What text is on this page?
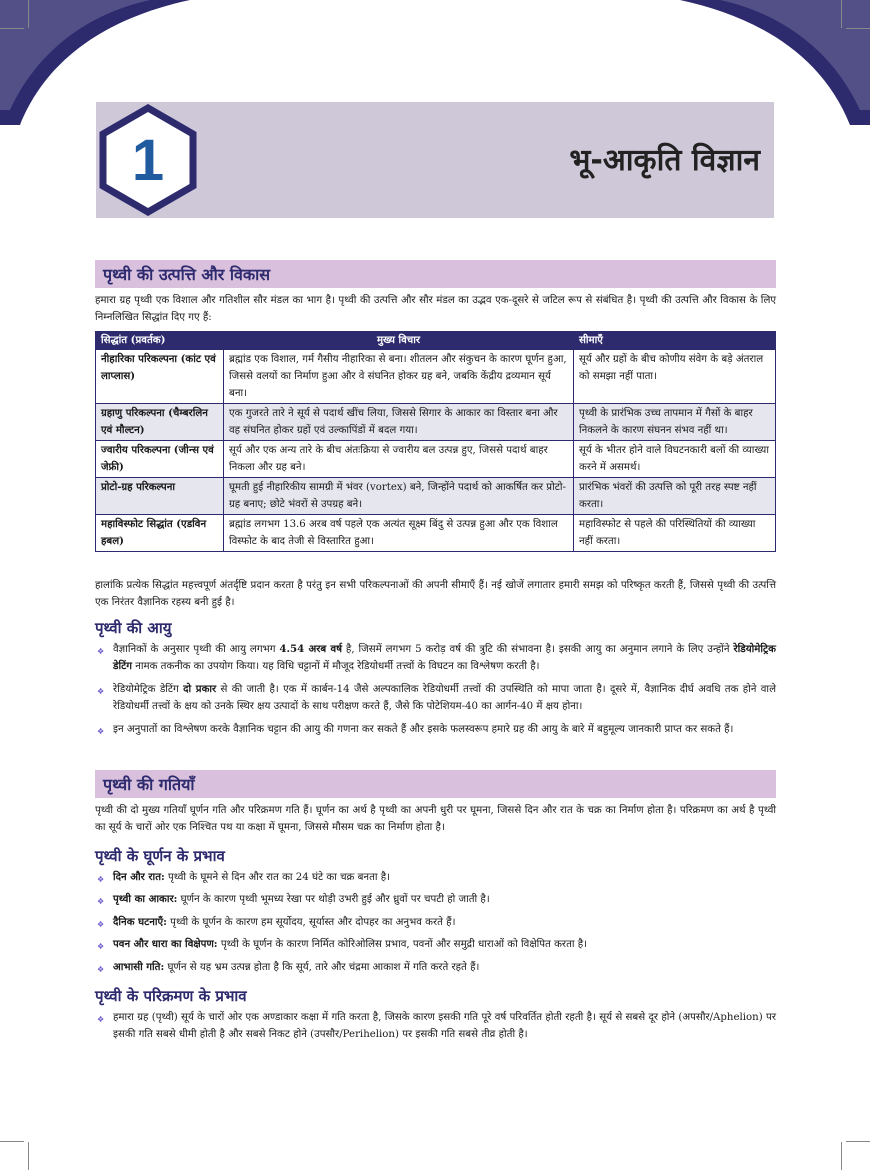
1	भू-आकृति विज्ञान
पृथ्वी की उत्पत्ति और विकास

हमारा ग्रह पृथ्वी एक विशाल और गतिशील सौर मंडल का भाग है। पृथ्वी की उत्पत्ति और सौर मंडल का उद्भव एक-दूसरे से जटिल रूप से संबंधित है। पृथ्वी की उत्पत्ति और विकास के लिए निम्नलिखित सिद्धांत दिए गए हैं:

सिद्धांत (प्रवर्तक)	मुख्य विचार	सीमाएँ
नीहारिका परिकल्पना (कांट एवं लाप्लास)	ब्रह्मांड एक विशाल, गर्म गैसीय नीहारिका से बना। शीतलन और संकुचन के कारण घूर्णन हुआ, जिससे वलयों का निर्माण हुआ और वे संघनित होकर ग्रह बने, जबकि केंद्रीय द्रव्यमान सूर्य बना।	सूर्य और ग्रहों के बीच कोणीय संवेग के बड़े अंतराल को समझा नहीं पाता।
ग्रहाणु परिकल्पना (चैम्बरलिन एवं मौल्टन)	एक गुजरते तारे ने सूर्य से पदार्थ खींच लिया, जिससे सिगार के आकार का विस्तार बना और वह संघनित होकर ग्रहों एवं उल्कापिंडों में बदल गया।	पृथ्वी के प्रारंभिक उच्च तापमान में गैसों के बाहर निकलने के कारण संघनन संभव नहीं था।
ज्वारीय परिकल्पना (जीन्स एवं जेफ्री)	सूर्य और एक अन्य तारे के बीच अंतःक्रिया से ज्वारीय बल उत्पन्न हुए, जिससे पदार्थ बाहर निकला और ग्रह बने।	सूर्य के भीतर होने वाले विघटनकारी बलों की व्याख्या करने में असमर्थ।
प्रोटो-ग्रह परिकल्पना	घूमती हुई नीहारिकीय सामग्री में भंवर (vortex) बने, जिन्होंने पदार्थ को आकर्षित कर प्रोटो-ग्रह बनाए; छोटे भंवरों से उपग्रह बने।	प्रारंभिक भंवरों की उत्पत्ति को पूरी तरह स्पष्ट नहीं करता।
महाविस्फोट सिद्धांत (एडविन हबल)	ब्रह्मांड लगभग 13.6 अरब वर्ष पहले एक अत्यंत सूक्ष्म बिंदु से उत्पन्न हुआ और एक विशाल विस्फोट के बाद तेजी से विस्तारित हुआ।	महाविस्फोट से पहले की परिस्थितियों की व्याख्या नहीं करता।

हालांकि प्रत्येक सिद्धांत महत्त्वपूर्ण अंतर्दृष्टि प्रदान करता है परंतु इन सभी परिकल्पनाओं की अपनी सीमाएँ हैं। नई खोजें लगातार हमारी समझ को परिष्कृत करती हैं, जिससे पृथ्वी की उत्पत्ति एक निरंतर वैज्ञानिक रहस्य बनी हुई है।

पृथ्वी की आयु
❖ वैज्ञानिकों के अनुसार पृथ्वी की आयु लगभग 4.54 अरब वर्ष है, जिसमें लगभग 5 करोड़ वर्ष की त्रुटि की संभावना है। इसकी आयु का अनुमान लगाने के लिए उन्होंने रेडियोमेट्रिक डेटिंग नामक तकनीक का उपयोग किया। यह विधि चट्टानों में मौजूद रेडियोधर्मी तत्त्वों के विघटन का विश्लेषण करती है।
❖ रेडियोमेट्रिक डेटिंग दो प्रकार से की जाती है। एक में कार्बन-14 जैसे अल्पकालिक रेडियोधर्मी तत्त्वों की उपस्थिति को मापा जाता है। दूसरे में, वैज्ञानिक दीर्घ अवधि तक होने वाले रेडियोधर्मी तत्त्वों के क्षय को उनके स्थिर क्षय उत्पादों के साथ परीक्षण करते हैं, जैसे कि पोटेशियम-40 का आर्गन-40 में क्षय होना।
❖ इन अनुपातों का विश्लेषण करके वैज्ञानिक चट्टान की आयु की गणना कर सकते हैं और इसके फलस्वरूप हमारे ग्रह की आयु के बारे में बहुमूल्य जानकारी प्राप्त कर सकते हैं।
पृथ्वी की गतियाँ

पृथ्वी की दो मुख्य गतियाँ घूर्णन गति और परिक्रमण गति हैं। घूर्णन का अर्थ है पृथ्वी का अपनी धुरी पर घूमना, जिससे दिन और रात के चक्र का निर्माण होता है। परिक्रमण का अर्थ है पृथ्वी का सूर्य के चारों ओर एक निश्चित पथ या कक्षा में घूमना, जिससे मौसम चक्र का निर्माण होता है।

पृथ्वी के घूर्णन के प्रभाव
❖ दिन और रात: पृथ्वी के घूमने से दिन और रात का 24 घंटे का चक्र बनता है।
❖ पृथ्वी का आकार: घूर्णन के कारण पृथ्वी भूमध्य रेखा पर थोड़ी उभरी हुई और ध्रुवों पर चपटी हो जाती है।
❖ दैनिक घटनाएँ: पृथ्वी के घूर्णन के कारण हम सूर्योदय, सूर्यास्त और दोपहर का अनुभव करते हैं।
❖ पवन और धारा का विक्षेपण: पृथ्वी के घूर्णन के कारण निर्मित कोरिओलिस प्रभाव, पवनों और समुद्री धाराओं को विक्षेपित करता है।
❖ आभासी गति: घूर्णन से यह भ्रम उत्पन्न होता है कि सूर्य, तारे और चंद्रमा आकाश में गति करते रहते हैं।
पृथ्वी के परिक्रमण के प्रभाव
❖ हमारा ग्रह (पृथ्वी) सूर्य के चारों ओर एक अण्डाकार कक्षा में गति करता है, जिसके कारण इसकी गति पूरे वर्ष परिवर्तित होती रहती है। सूर्य से सबसे दूर होने (अपसौर/Aphelion) पर इसकी गति सबसे धीमी होती है और सबसे निकट होने (उपसौर/Perihelion) पर इसकी गति सबसे तीव्र होती है।
